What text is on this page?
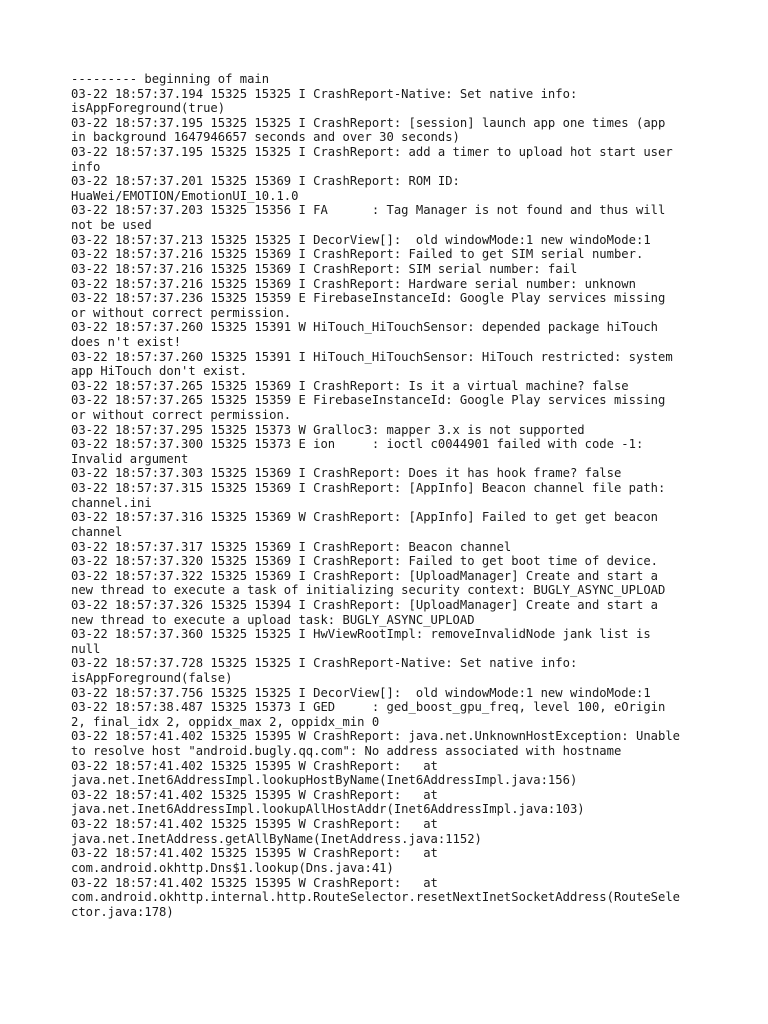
--------- beginning of main
03-22 18:57:37.194 15325 15325 I CrashReport-Native: Set native info:
isAppForeground(true)
03-22 18:57:37.195 15325 15325 I CrashReport: [session] launch app one times (app
in background 1647946657 seconds and over 30 seconds)
03-22 18:57:37.195 15325 15325 I CrashReport: add a timer to upload hot start user
info
03-22 18:57:37.201 15325 15369 I CrashReport: ROM ID:
HuaWei/EMOTION/EmotionUI_10.1.0
03-22 18:57:37.203 15325 15356 I FA      : Tag Manager is not found and thus will
not be used
03-22 18:57:37.213 15325 15325 I DecorView[]:  old windowMode:1 new windoMode:1
03-22 18:57:37.216 15325 15369 I CrashReport: Failed to get SIM serial number.
03-22 18:57:37.216 15325 15369 I CrashReport: SIM serial number: fail
03-22 18:57:37.216 15325 15369 I CrashReport: Hardware serial number: unknown
03-22 18:57:37.236 15325 15359 E FirebaseInstanceId: Google Play services missing
or without correct permission.
03-22 18:57:37.260 15325 15391 W HiTouch_HiTouchSensor: depended package hiTouch
does n't exist!
03-22 18:57:37.260 15325 15391 I HiTouch_HiTouchSensor: HiTouch restricted: system
app HiTouch don't exist.
03-22 18:57:37.265 15325 15369 I CrashReport: Is it a virtual machine? false
03-22 18:57:37.265 15325 15359 E FirebaseInstanceId: Google Play services missing
or without correct permission.
03-22 18:57:37.295 15325 15373 W Gralloc3: mapper 3.x is not supported
03-22 18:57:37.300 15325 15373 E ion     : ioctl c0044901 failed with code -1:
Invalid argument
03-22 18:57:37.303 15325 15369 I CrashReport: Does it has hook frame? false
03-22 18:57:37.315 15325 15369 I CrashReport: [AppInfo] Beacon channel file path:
channel.ini
03-22 18:57:37.316 15325 15369 W CrashReport: [AppInfo] Failed to get get beacon
channel
03-22 18:57:37.317 15325 15369 I CrashReport: Beacon channel
03-22 18:57:37.320 15325 15369 I CrashReport: Failed to get boot time of device.
03-22 18:57:37.322 15325 15369 I CrashReport: [UploadManager] Create and start a
new thread to execute a task of initializing security context: BUGLY_ASYNC_UPLOAD
03-22 18:57:37.326 15325 15394 I CrashReport: [UploadManager] Create and start a
new thread to execute a upload task: BUGLY_ASYNC_UPLOAD
03-22 18:57:37.360 15325 15325 I HwViewRootImpl: removeInvalidNode jank list is
null
03-22 18:57:37.728 15325 15325 I CrashReport-Native: Set native info:
isAppForeground(false)
03-22 18:57:37.756 15325 15325 I DecorView[]:  old windowMode:1 new windoMode:1
03-22 18:57:38.487 15325 15373 I GED     : ged_boost_gpu_freq, level 100, eOrigin
2, final_idx 2, oppidx_max 2, oppidx_min 0
03-22 18:57:41.402 15325 15395 W CrashReport: java.net.UnknownHostException: Unable
to resolve host "android.bugly.qq.com": No address associated with hostname
03-22 18:57:41.402 15325 15395 W CrashReport:   at
java.net.Inet6AddressImpl.lookupHostByName(Inet6AddressImpl.java:156)
03-22 18:57:41.402 15325 15395 W CrashReport:   at
java.net.Inet6AddressImpl.lookupAllHostAddr(Inet6AddressImpl.java:103)
03-22 18:57:41.402 15325 15395 W CrashReport:   at
java.net.InetAddress.getAllByName(InetAddress.java:1152)
03-22 18:57:41.402 15325 15395 W CrashReport:   at
com.android.okhttp.Dns$1.lookup(Dns.java:41)
03-22 18:57:41.402 15325 15395 W CrashReport:   at
com.android.okhttp.internal.http.RouteSelector.resetNextInetSocketAddress(RouteSele
ctor.java:178)
